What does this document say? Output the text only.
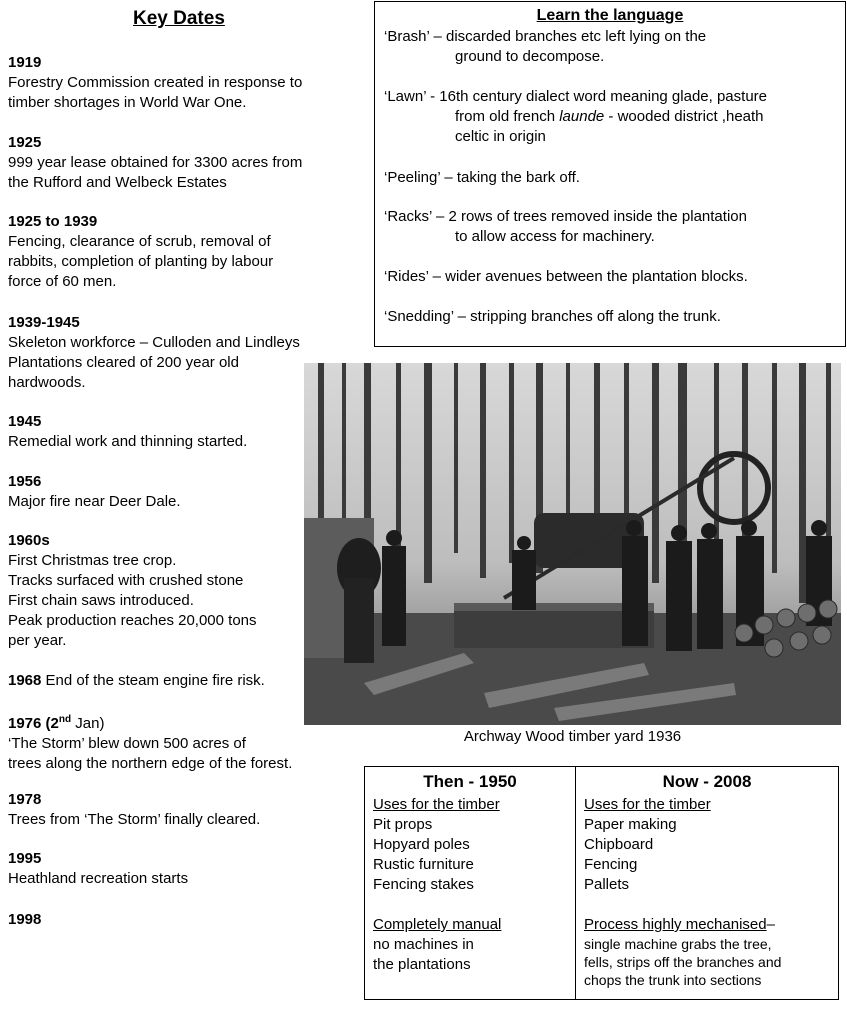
Key Dates
1919
Forestry Commission created in response to
timber shortages in World War One.
1925
999 year lease obtained for 3300 acres from
the Rufford and Welbeck Estates
1925 to 1939
Fencing, clearance of scrub, removal of
rabbits, completion of planting by labour
force of 60 men.
1939-1945
Skeleton workforce – Culloden and Lindleys
Plantations cleared of 200 year old
hardwoods.
1945
Remedial work and thinning started.
1956
Major fire near Deer Dale.
1960s
First Christmas tree crop.
Tracks surfaced with crushed stone
First chain saws introduced.
Peak production reaches 20,000 tons
per year.
1968 End of the steam engine fire risk.
1976 (2nd Jan)
‘The Storm’ blew down 500 acres of
trees along the northern edge of the forest.
1978
Trees from ‘The Storm’ finally cleared.
1995
Heathland recreation starts
1998
Learn the language
‘Brash’ – discarded branches etc left lying on the
ground to decompose.
‘Lawn’ - 16th century dialect word meaning glade, pasture
from old french launde - wooded district ,heath
celtic in origin
‘Peeling’ – taking the bark off.
‘Racks’ – 2 rows of trees removed inside the plantation
to allow access for machinery.
‘Rides’ – wider avenues between the plantation blocks.
‘Snedding’ – stripping branches off along the trunk.
Archway Wood timber yard 1936
Then - 1950
Uses for the timber
Pit props
Hopyard poles
Rustic furniture
Fencing stakes
Completely manual
no machines in
the plantations
Now - 2008
Uses for the timber
Paper making
Chipboard
Fencing
Pallets
Process highly mechanised–
single machine grabs the tree,
fells, strips off the branches and
chops the trunk into sections
